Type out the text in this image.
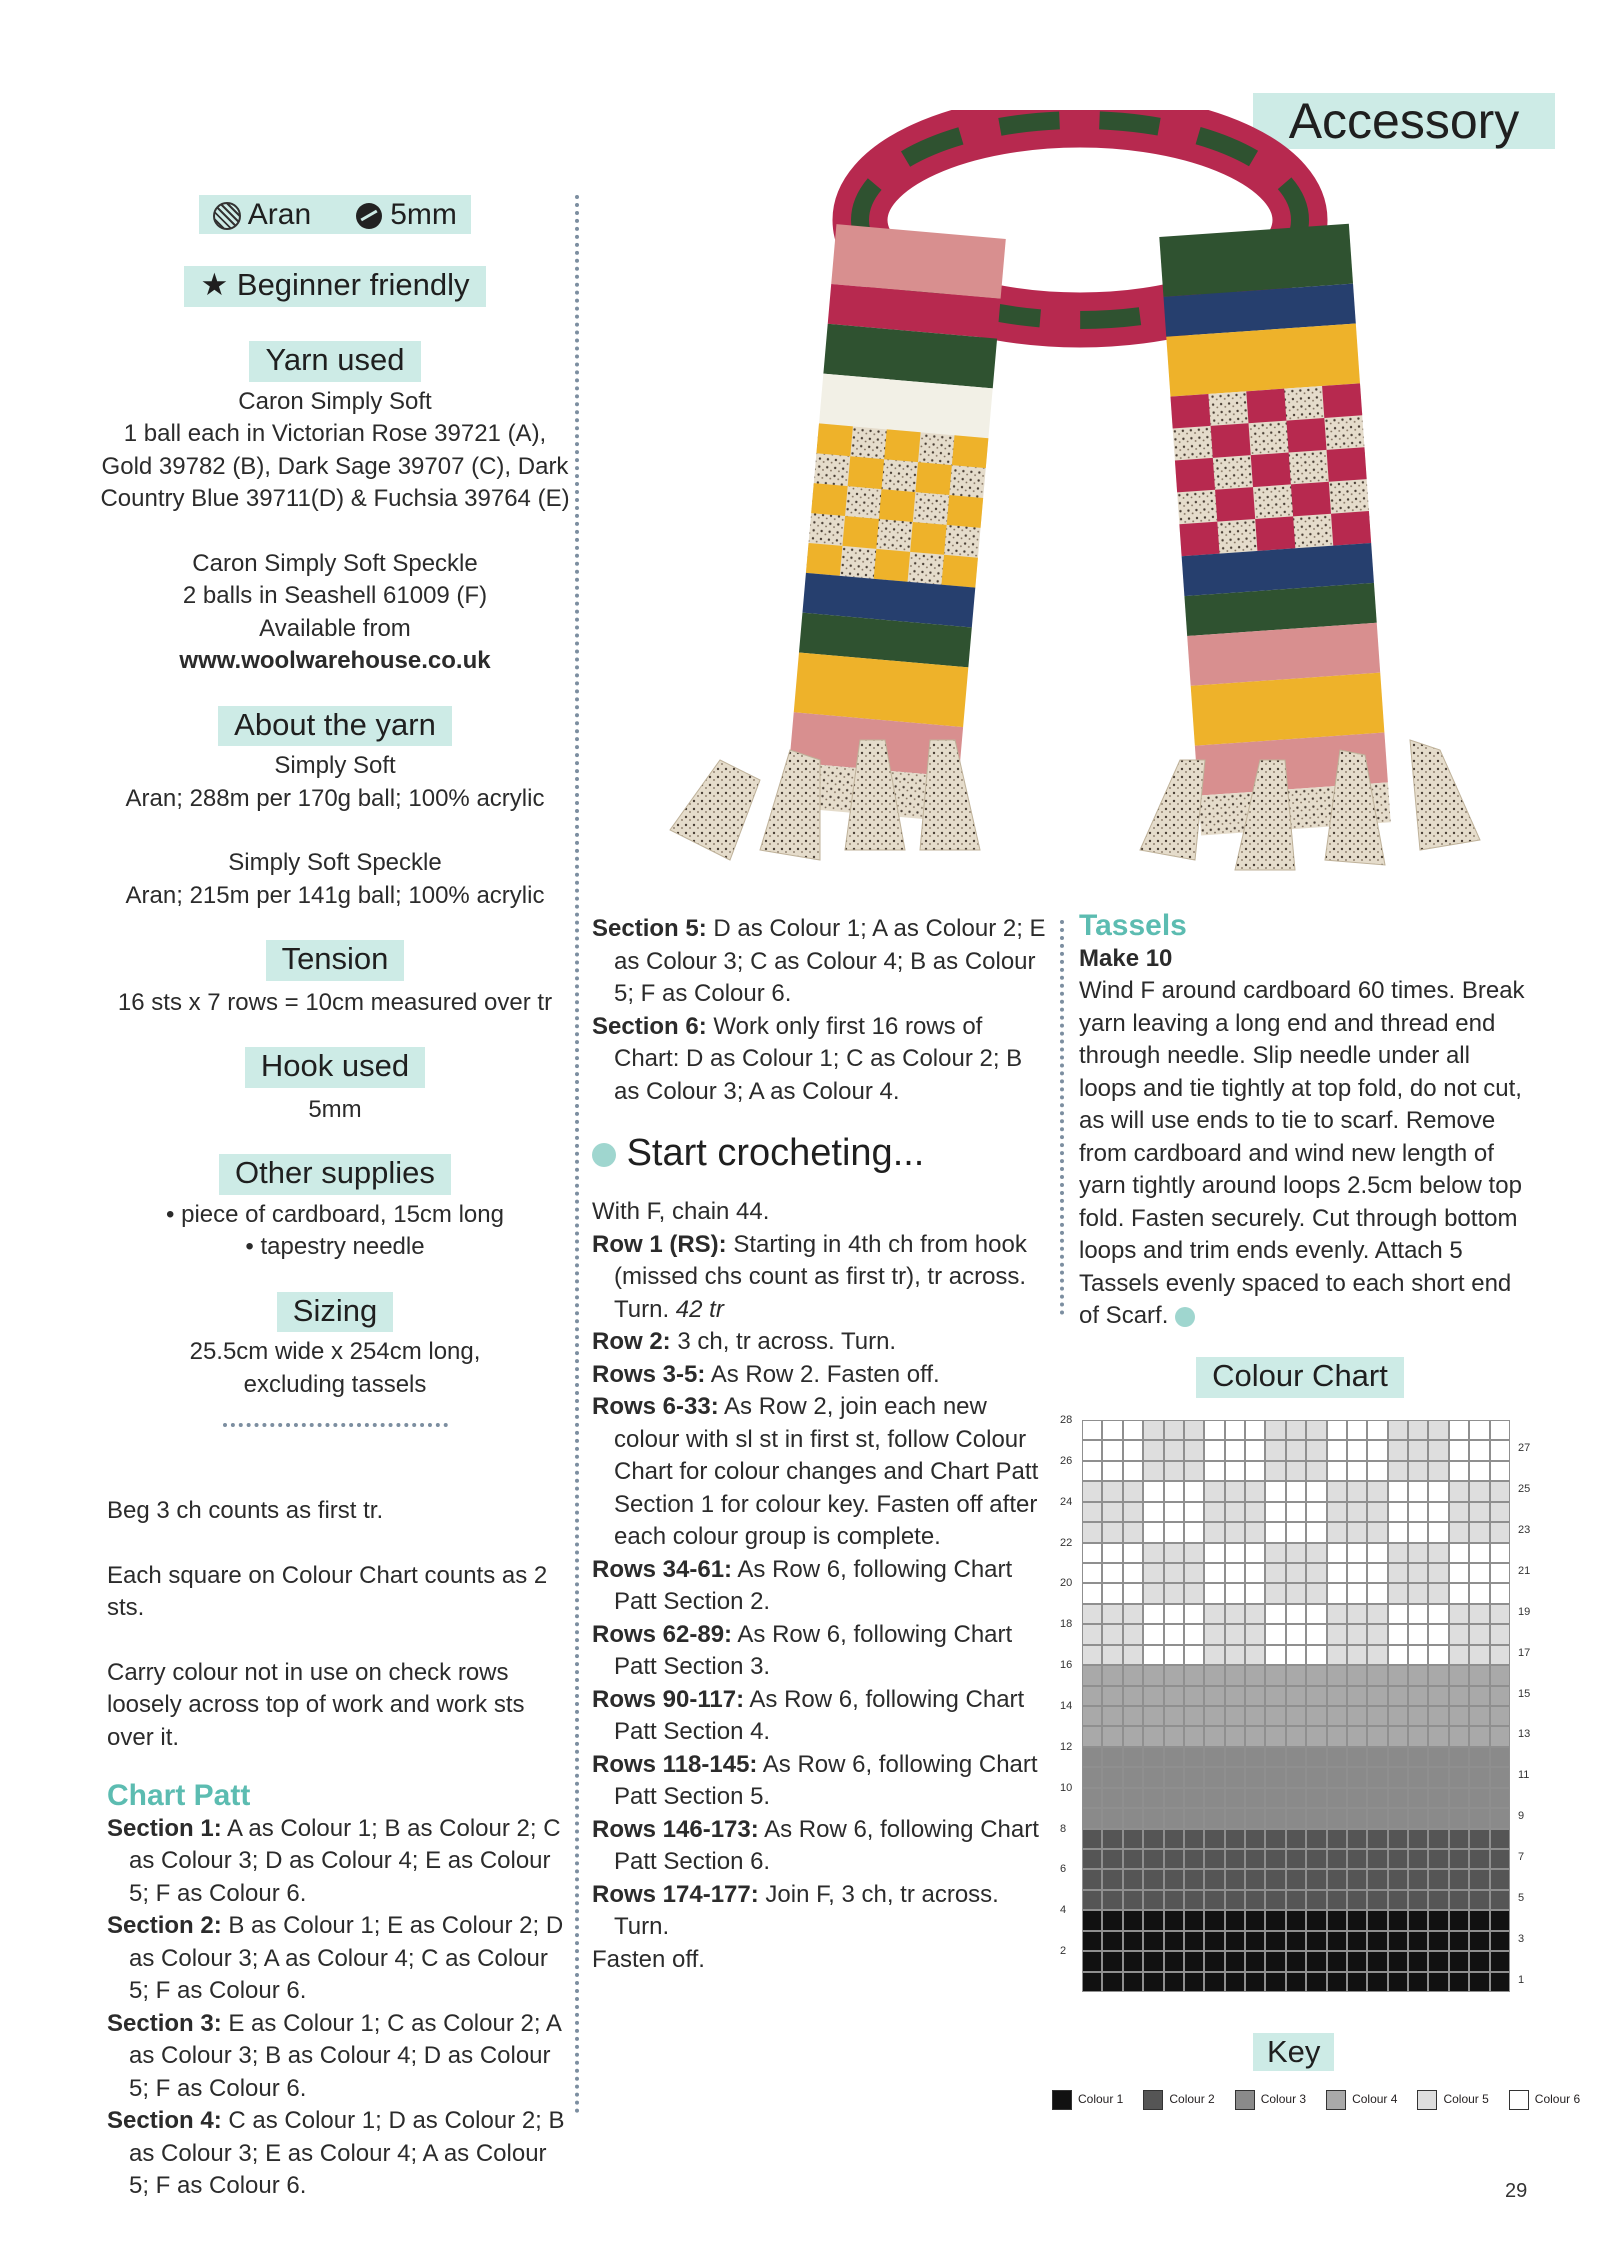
Accessory
Aran	5mm
★ Beginner friendly
Yarn used

Caron Simply Soft

1 ball each in Victorian Rose 39721 (A),

Gold 39782 (B), Dark Sage 39707 (C), Dark

Country Blue 39711(D) & Fuchsia 39764 (E)

Caron Simply Soft Speckle

2 balls in Seashell 61009 (F)

Available from

www.woolwarehouse.co.uk

About the yarn

Simply Soft

Aran; 288m per 170g ball; 100% acrylic

Simply Soft Speckle

Aran; 215m per 141g ball; 100% acrylic

Tension

16 sts x 7 rows = 10cm measured over tr

Hook used

5mm

Other supplies

• piece of cardboard, 15cm long

• tapestry needle

Sizing

25.5cm wide x 254cm long,

excluding tassels

Beg 3 ch counts as first tr.

Each square on Colour Chart counts as 2 sts.

Carry colour not in use on check rows loosely across top of work and work sts over it.

Chart Patt

Section 1: A as Colour 1; B as Colour 2; C as Colour 3; D as Colour 4; E as Colour 5; F as Colour 6.

Section 2: B as Colour 1; E as Colour 2; D as Colour 3; A as Colour 4; C as Colour 5; F as Colour 6.

Section 3: E as Colour 1; C as Colour 2; A as Colour 3; B as Colour 4; D as Colour 5; F as Colour 6.

Section 4: C as Colour 1; D as Colour 2; B as Colour 3; E as Colour 4; A as Colour 5; F as Colour 6.

Section 5: D as Colour 1; A as Colour 2; E as Colour 3; C as Colour 4; B as Colour 5; F as Colour 6.

Section 6: Work only first 16 rows of Chart: D as Colour 1; C as Colour 2; B as Colour 3; A as Colour 4.

Start crocheting...

With F, chain 44.

Row 1 (RS): Starting in 4th ch from hook (missed chs count as first tr), tr across. Turn. 42 tr

Row 2: 3 ch, tr across. Turn.

Rows 3-5: As Row 2. Fasten off.

Rows 6-33: As Row 2, join each new colour with sl st in first st, follow Colour Chart for colour changes and Chart Patt Section 1 for colour key. Fasten off after each colour group is complete.

Rows 34-61: As Row 6, following Chart Patt Section 2.

Rows 62-89: As Row 6, following Chart Patt Section 3.

Rows 90-117: As Row 6, following Chart Patt Section 4.

Rows 118-145: As Row 6, following Chart Patt Section 5.

Rows 146-173: As Row 6, following Chart Patt Section 6.

Rows 174-177: Join F, 3 ch, tr across. Turn.

Fasten off.

Tassels

Make 10

Wind F around cardboard 60 times. Break yarn leaving a long end and thread end through needle. Slip needle under all loops and tie tightly at top fold, do not cut, as will use ends to tie to scarf. Remove from cardboard and wind new length of yarn tightly around loops 2.5cm below top fold. Fasten securely. Cut through bottom loops and trim ends evenly. Attach 5 Tassels evenly spaced to each short end of Scarf.

Colour Chart
28
26
24
22
20
18
16
14
12
10
8
6
4
2
27
25
23
21
19
17
15
13
11
9
7
5
3
1
Key
Colour 1	Colour 2	Colour 3	Colour 4	Colour 5	Colour 6
29
